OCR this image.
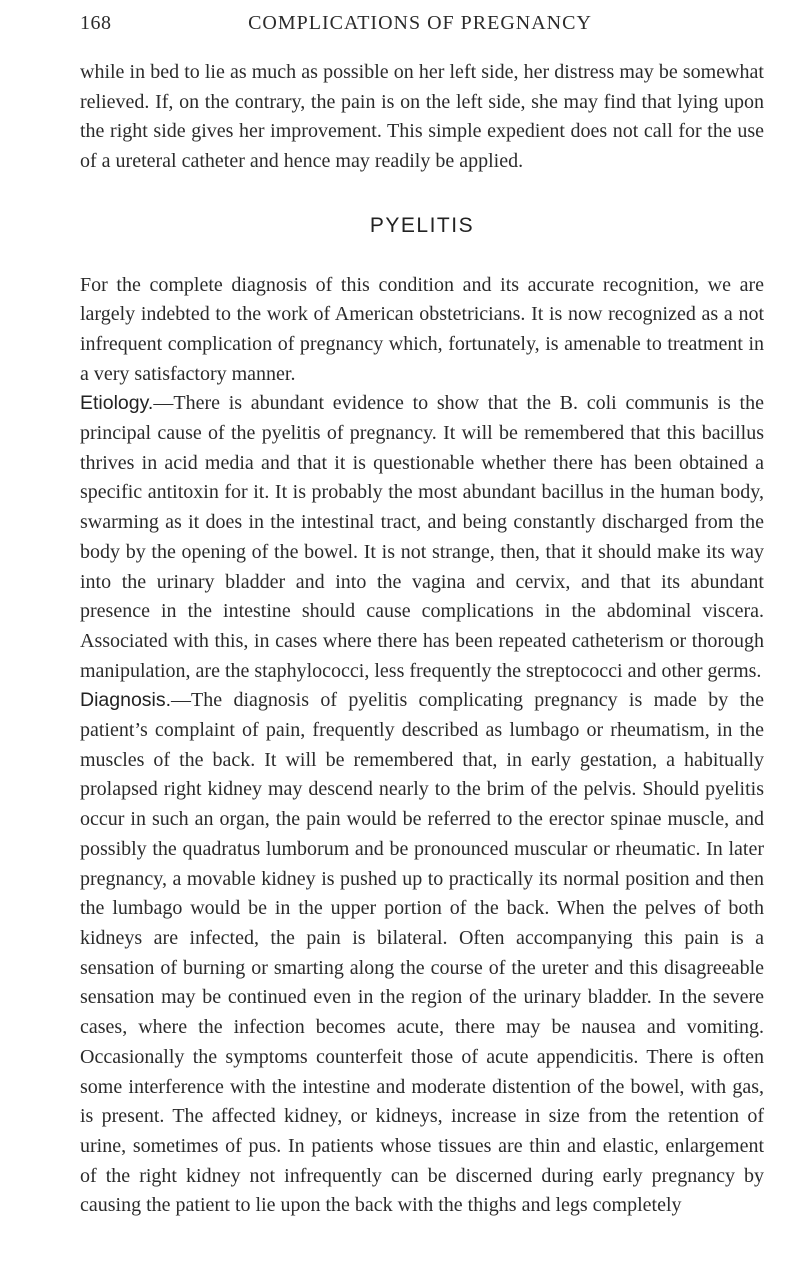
168	COMPLICATIONS OF PREGNANCY

while in bed to lie as much as possible on her left side, her distress may be somewhat relieved. If, on the contrary, the pain is on the left side, she may find that lying upon the right side gives her improvement. This simple expedient does not call for the use of a ureteral catheter and hence may readily be applied.

PYELITIS

For the complete diagnosis of this condition and its accurate recognition, we are largely indebted to the work of American obstetricians. It is now recognized as a not infrequent complication of pregnancy which, fortunately, is amenable to treatment in a very satisfactory manner.

Etiology.—There is abundant evidence to show that the B. coli communis is the principal cause of the pyelitis of pregnancy. It will be remembered that this bacillus thrives in acid media and that it is questionable whether there has been obtained a specific antitoxin for it. It is probably the most abundant bacillus in the human body, swarming as it does in the intestinal tract, and being constantly discharged from the body by the opening of the bowel. It is not strange, then, that it should make its way into the urinary bladder and into the vagina and cervix, and that its abundant presence in the intestine should cause complications in the abdominal viscera. Associated with this, in cases where there has been repeated catheterism or thorough manipulation, are the staphylococci, less frequently the streptococci and other germs.

Diagnosis.—The diagnosis of pyelitis complicating pregnancy is made by the patient’s complaint of pain, frequently described as lumbago or rheumatism, in the muscles of the back. It will be remembered that, in early gestation, a habitually prolapsed right kidney may descend nearly to the brim of the pelvis. Should pyelitis occur in such an organ, the pain would be referred to the erector spinae muscle, and possibly the quadratus lumborum and be pronounced muscular or rheumatic. In later pregnancy, a movable kidney is pushed up to practically its normal position and then the lumbago would be in the upper portion of the back. When the pelves of both kidneys are infected, the pain is bilateral. Often accompanying this pain is a sensation of burning or smarting along the course of the ureter and this disagreeable sensation may be continued even in the region of the urinary bladder. In the severe cases, where the infection becomes acute, there may be nausea and vomiting. Occasionally the symptoms counterfeit those of acute appendicitis. There is often some interference with the intestine and moderate distention of the bowel, with gas, is present. The affected kidney, or kidneys, increase in size from the retention of urine, sometimes of pus. In patients whose tissues are thin and elastic, enlargement of the right kidney not infrequently can be discerned during early pregnancy by causing the patient to lie upon the back with the thighs and legs completely
